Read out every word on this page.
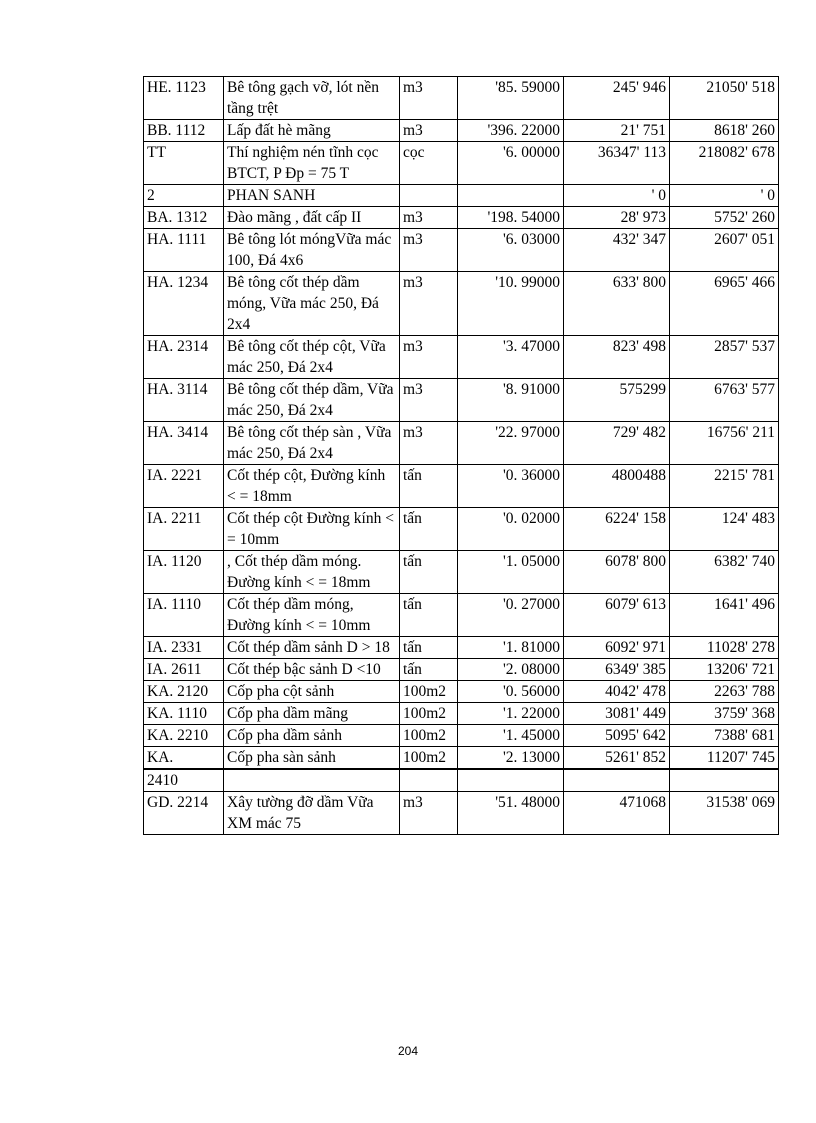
HE. 1123	Bê tông gạch vỡ, lót nền tầng trệt	m3	'85. 59000	245' 946	21050' 518
BB. 1112	Lấp đất hè mãng	m3	'396. 22000	21' 751	8618' 260
TT	Thí nghiệm nén tĩnh cọc BTCT, P Đp = 75 T	cọc	'6. 00000	36347' 113	218082' 678
2	PHAN SANH			' 0	' 0
BA. 1312	Đào mãng , đất cấp II	m3	'198. 54000	28' 973	5752' 260
HA. 1111	Bê tông lót móngVữa mác 100, Đá 4x6	m3	'6. 03000	432' 347	2607' 051
HA. 1234	Bê tông cốt thép dầm móng, Vữa mác 250, Đá 2x4	m3	'10. 99000	633' 800	6965' 466
HA. 2314	Bê tông cốt thép cột, Vữa mác 250, Đá 2x4	m3	'3. 47000	823' 498	2857' 537
HA. 3114	Bê tông cốt thép dầm, Vữa mác 250, Đá 2x4	m3	'8. 91000	575299	6763' 577
HA. 3414	Bê tông cốt thép sàn , Vữa mác 250, Đá 2x4	m3	'22. 97000	729' 482	16756' 211
IA. 2221	Cốt thép cột, Đường kính < = 18mm	tấn	'0. 36000	4800488	2215' 781
IA. 2211	Cốt thép cột Đường kính < = 10mm	tấn	'0. 02000	6224' 158	124' 483
IA. 1120	, Cốt thép dầm móng. Đường kính < = 18mm	tấn	'1. 05000	6078' 800	6382' 740
IA. 1110	Cốt thép dầm móng, Đường kính < = 10mm	tấn	'0. 27000	6079' 613	1641' 496
IA. 2331	Cốt thép dầm sảnh D > 18	tấn	'1. 81000	6092' 971	11028' 278
IA. 2611	Cốt thép bậc sảnh D <10	tấn	'2. 08000	6349' 385	13206' 721
KA. 2120	Cốp pha cột sảnh	100m2	'0. 56000	4042' 478	2263' 788
KA. 1110	Cốp pha dầm mãng	100m2	'1. 22000	3081' 449	3759' 368
KA. 2210	Cốp pha dầm sảnh	100m2	'1. 45000	5095' 642	7388' 681
KA.	Cốp pha sàn sảnh	100m2	'2. 13000	5261' 852	11207' 745
2410					
GD. 2214	Xây tường đỡ dầm Vữa XM mác 75	m3	'51. 48000	471068	31538' 069
204
